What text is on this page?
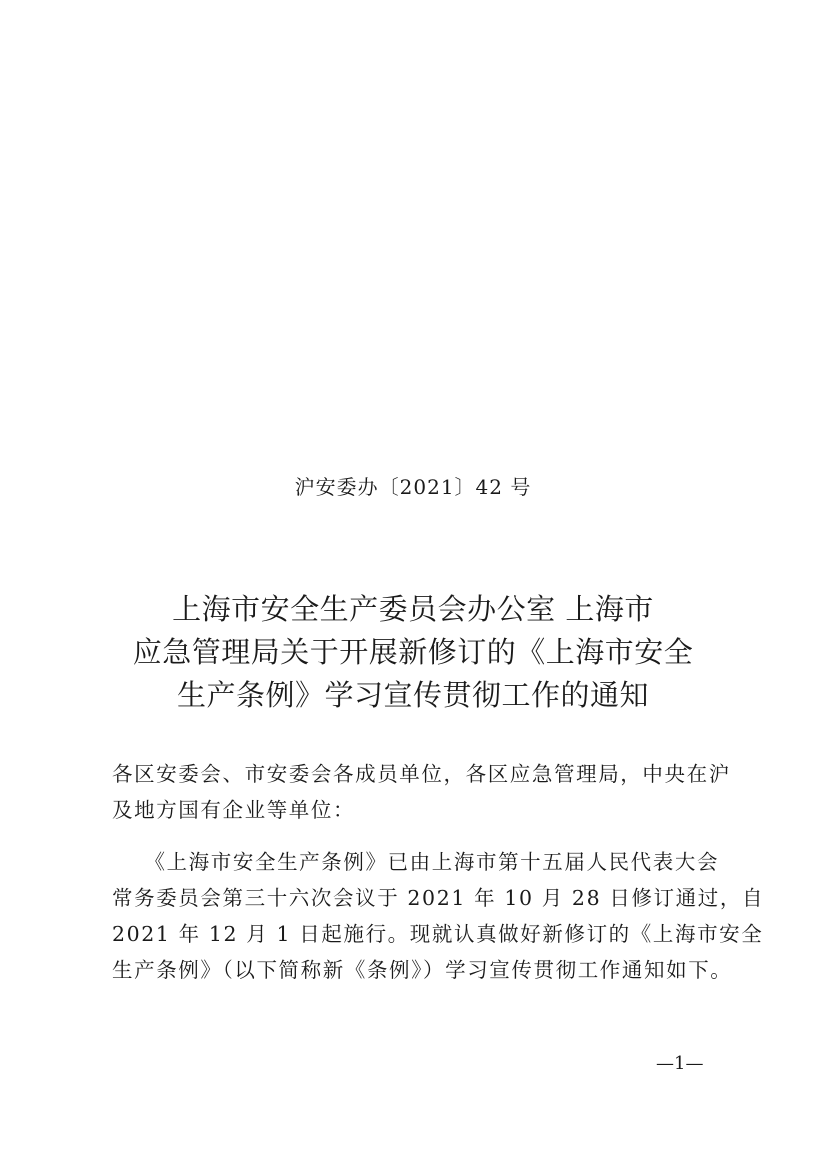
沪安委办〔2021〕42 号
上海市安全生产委员会办公室 上海市
应急管理局关于开展新修订的《上海市安全
生产条例》学习宣传贯彻工作的通知
各区安委会、市安委会各成员单位，各区应急管理局，中央在沪
及地方国有企业等单位：
《上海市安全生产条例》已由上海市第十五届人民代表大会
常务委员会第三十六次会议于 2021 年 10 月 28 日修订通过，自
2021 年 12 月 1 日起施行。现就认真做好新修订的《上海市安全
生产条例》（以下简称新《条例》）学习宣传贯彻工作通知如下。
—1—
